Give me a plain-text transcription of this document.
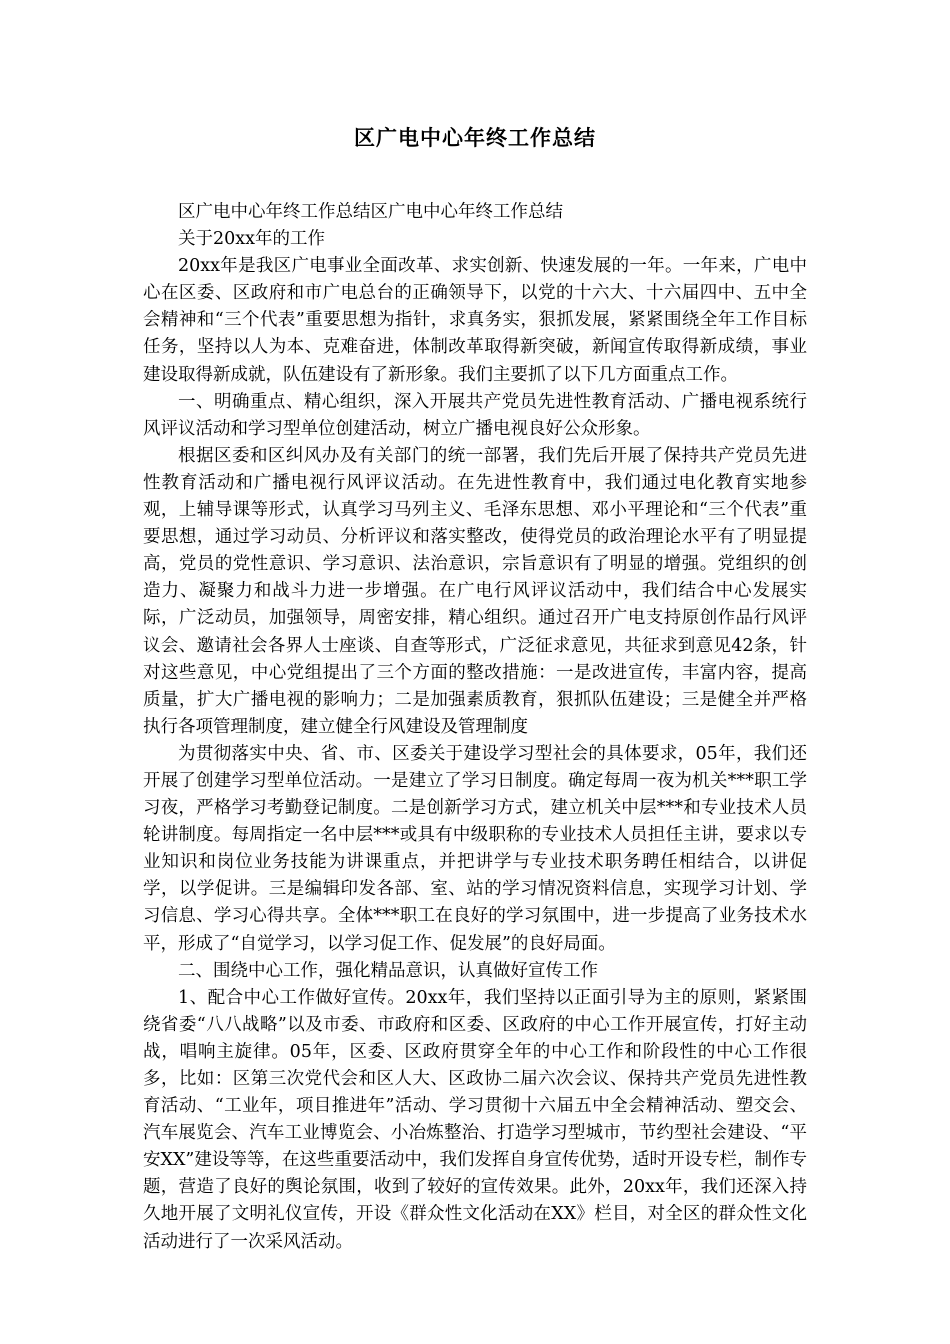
区广电中心年终工作总结

区广电中心年终工作总结区广电中心年终工作总结

关于20xx年的工作

20xx年是我区广电事业全面改革、求实创新、快速发展的一年。一年来，广电中心在区委、区政府和市广电总台的正确领导下，以党的十六大、十六届四中、五中全会精神和“三个代表”重要思想为指针，求真务实，狠抓发展，紧紧围绕全年工作目标任务，坚持以人为本、克难奋进，体制改革取得新突破，新闻宣传取得新成绩，事业建设取得新成就，队伍建设有了新形象。我们主要抓了以下几方面重点工作。

一、明确重点、精心组织，深入开展共产党员先进性教育活动、广播电视系统行风评议活动和学习型单位创建活动，树立广播电视良好公众形象。

根据区委和区纠风办及有关部门的统一部署，我们先后开展了保持共产党员先进性教育活动和广播电视行风评议活动。在先进性教育中，我们通过电化教育实地参观，上辅导课等形式，认真学习马列主义、毛泽东思想、邓小平理论和“三个代表”重要思想，通过学习动员、分析评议和落实整改，使得党员的政治理论水平有了明显提高，党员的党性意识、学习意识、法治意识，宗旨意识有了明显的增强。党组织的创造力、凝聚力和战斗力进一步增强。在广电行风评议活动中，我们结合中心发展实际，广泛动员，加强领导，周密安排，精心组织。通过召开广电支持原创作品行风评议会、邀请社会各界人士座谈、自查等形式，广泛征求意见，共征求到意见42条，针对这些意见，中心党组提出了三个方面的整改措施：一是改进宣传，丰富内容，提高质量，扩大广播电视的影响力；二是加强素质教育，狠抓队伍建设；三是健全并严格执行各项管理制度，建立健全行风建设及管理制度

为贯彻落实中央、省、市、区委关于建设学习型社会的具体要求，05年，我们还开展了创建学习型单位活动。一是建立了学习日制度。确定每周一夜为机关***职工学习夜，严格学习考勤登记制度。二是创新学习方式，建立机关中层***和专业技术人员轮讲制度。每周指定一名中层***或具有中级职称的专业技术人员担任主讲，要求以专业知识和岗位业务技能为讲课重点，并把讲学与专业技术职务聘任相结合，以讲促学，以学促讲。三是编辑印发各部、室、站的学习情况资料信息，实现学习计划、学习信息、学习心得共享。全体***职工在良好的学习氛围中，进一步提高了业务技术水平，形成了“自觉学习，以学习促工作、促发展”的良好局面。

二、围绕中心工作，强化精品意识，认真做好宣传工作

1、配合中心工作做好宣传。20xx年，我们坚持以正面引导为主的原则，紧紧围绕省委“八八战略”以及市委、市政府和区委、区政府的中心工作开展宣传，打好主动战，唱响主旋律。05年，区委、区政府贯穿全年的中心工作和阶段性的中心工作很多，比如：区第三次党代会和区人大、区政协二届六次会议、保持共产党员先进性教育活动、“工业年，项目推进年”活动、学习贯彻十六届五中全会精神活动、塑交会、汽车展览会、汽车工业博览会、小冶炼整治、打造学习型城市，节约型社会建设、“平安XX”建设等等，在这些重要活动中，我们发挥自身宣传优势，适时开设专栏，制作专题，营造了良好的舆论氛围，收到了较好的宣传效果。此外，20xx年，我们还深入持久地开展了文明礼仪宣传，开设《群众性文化活动在XX》栏目，对全区的群众性文化活动进行了一次采风活动。
